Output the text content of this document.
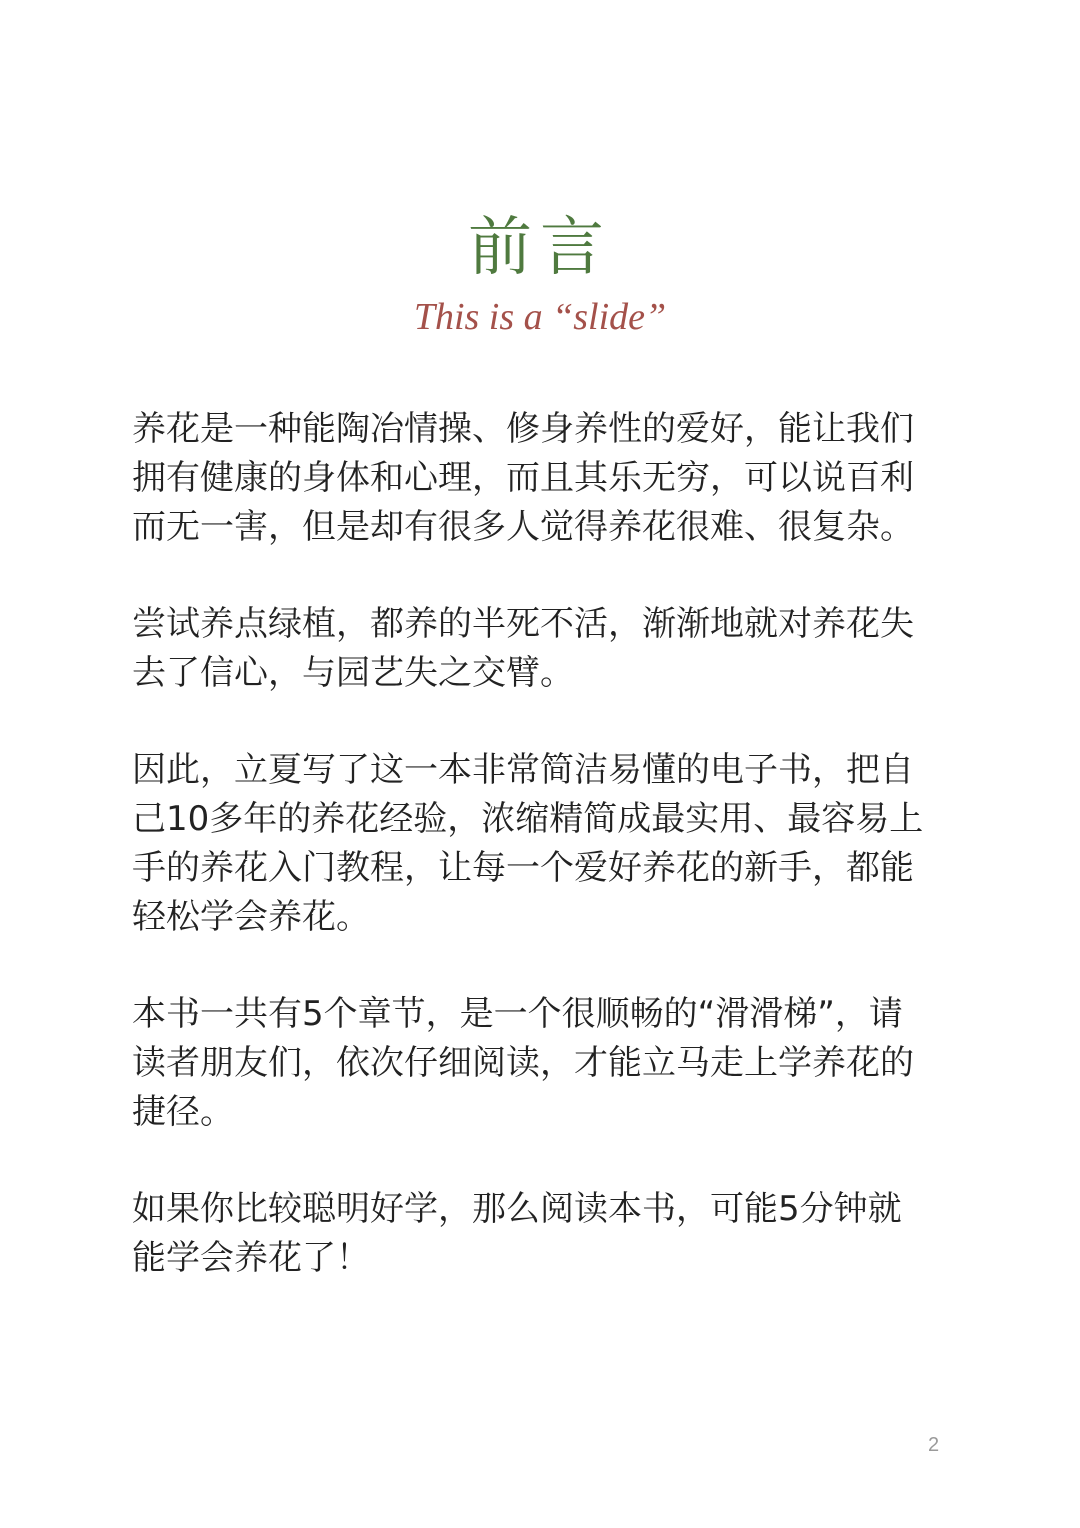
前言
This is a “slide”

养花是一种能陶冶情操、修身养性的爱好，能让我们拥有健康的身体和心理，而且其乐无穷，可以说百利而无一害，但是却有很多人觉得养花很难、很复杂。

尝试养点绿植，都养的半死不活，渐渐地就对养花失去了信心，与园艺失之交臂。

因此，立夏写了这一本非常简洁易懂的电子书，把自己10多年的养花经验，浓缩精简成最实用、最容易上手的养花入门教程，让每一个爱好养花的新手，都能轻松学会养花。

本书一共有5个章节，是一个很顺畅的“滑滑梯”，请读者朋友们，依次仔细阅读，才能立马走上学养花的捷径。

如果你比较聪明好学，那么阅读本书，可能5分钟就能学会养花了！

2
